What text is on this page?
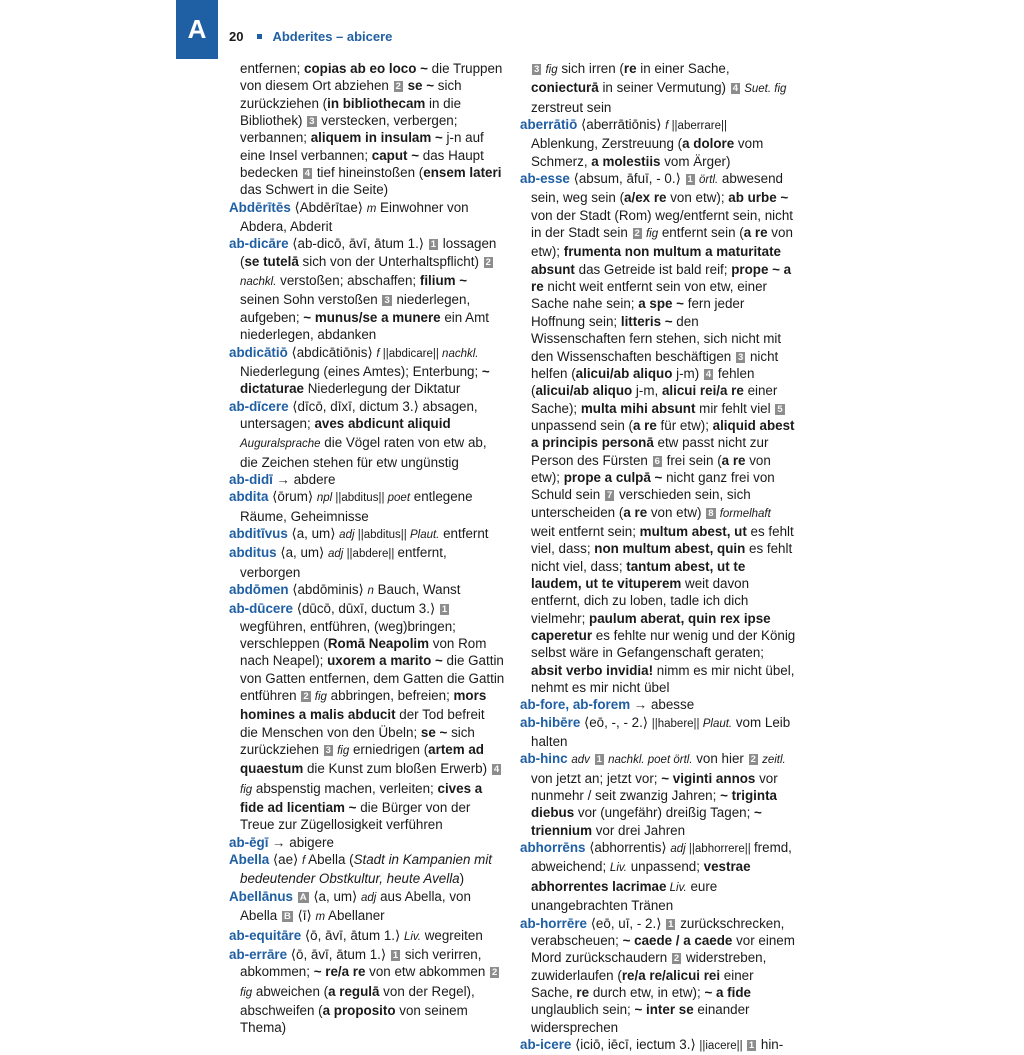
A	20 Abderites – abicere

entfernen; copias ab eo loco ~ die Truppen von diesem Ort abziehen 2 se ~ sich zurückziehen (in bibliothecam in die Bibliothek) 3 verstecken, verbergen; verbannen; aliquem in insulam ~ j-n auf eine Insel verbannen; caput ~ das Haupt bedecken 4 tief hineinstoßen (ensem lateri das Schwert in die Seite)

Abdērītēs ⟨Abdērītae⟩ m Einwohner von Abdera, Abderit

ab-dicāre ⟨ab-dicō, āvī, ātum 1.⟩ 1 lossagen (se tutelā sich von der Unterhaltspflicht) 2 nachkl. verstoßen; abschaffen; filium ~ seinen Sohn verstoßen 3 niederlegen, aufgeben; ~ munus/se a munere ein Amt niederlegen, abdanken

abdicātiō ⟨abdicātiōnis⟩ f ||abdicare|| nachkl. Niederlegung (eines Amtes); Enterbung; ~ dictaturae Niederlegung der Diktatur

ab-dīcere ⟨dīcō, dīxī, dictum 3.⟩ absagen, untersagen; aves abdicunt aliquid Auguralsprache die Vögel raten von etw ab, die Zeichen stehen für etw ungünstig

ab-didī → abdere

abdita ⟨ōrum⟩ npl ||abditus|| poet entlegene Räume, Geheimnisse

abditīvus ⟨a, um⟩ adj ||abditus|| Plaut. entfernt

abditus ⟨a, um⟩ adj ||abdere|| entfernt, verborgen

abdōmen ⟨abdōminis⟩ n Bauch, Wanst

ab-dūcere ⟨dūcō, dūxī, ductum 3.⟩ 1 wegführen, entführen, (weg)bringen; verschleppen (Romā Neapolim von Rom nach Neapel); uxorem a marito ~ die Gattin von Gatten entfernen, dem Gatten die Gattin entführen 2 fig abbringen, befreien; mors homines a malis abducit der Tod befreit die Menschen von den Übeln; se ~ sich zurückziehen 3 fig erniedrigen (artem ad quaestum die Kunst zum bloßen Erwerb) 4 fig abspenstig machen, verleiten; cives a fide ad licentiam ~ die Bürger von der Treue zur Zügellosigkeit verführen

ab-ēgī → abigere

Abella ⟨ae⟩ f Abella (Stadt in Kampanien mit bedeutender Obstkultur, heute Avella)

Abellānus A ⟨a, um⟩ adj aus Abella, von Abella B ⟨ī⟩ m Abellaner

ab-equitāre ⟨ō, āvī, ātum 1.⟩ Liv. wegreiten

ab-errāre ⟨ō, āvī, ātum 1.⟩ 1 sich verirren, abkommen; ~ re/a re von etw abkommen 2 fig abweichen (a regulā von der Regel), abschweifen (a proposito von seinem Thema)

3 fig sich irren (re in einer Sache, coniecturā in seiner Vermutung) 4 Suet. fig zerstreut sein

aberrātiō ⟨aberrātiōnis⟩ f ||aberrare|| Ablenkung, Zerstreuung (a dolore vom Schmerz, a molestiis vom Ärger)

ab-esse ⟨absum, āfuī, - 0.⟩ 1 örtl. abwesend sein, weg sein (a/ex re von etw); ab urbe ~ von der Stadt (Rom) weg/entfernt sein, nicht in der Stadt sein 2 fig entfernt sein (a re von etw); frumenta non multum a maturitate absunt das Getreide ist bald reif; prope ~ a re nicht weit entfernt sein von etw, einer Sache nahe sein; a spe ~ fern jeder Hoffnung sein; litteris ~ den Wissenschaften fern stehen, sich nicht mit den Wissenschaften beschäftigen 3 nicht helfen (alicui/ab aliquo j-m) 4 fehlen (alicui/ab aliquo j-m, alicui rei/a re einer Sache); multa mihi absunt mir fehlt viel 5 unpassend sein (a re für etw); aliquid abest a principis personā etw passt nicht zur Person des Fürsten 6 frei sein (a re von etw); prope a culpā ~ nicht ganz frei von Schuld sein 7 verschieden sein, sich unterscheiden (a re von etw) 8 formelhaft weit entfernt sein; multum abest, ut es fehlt viel, dass; non multum abest, quin es fehlt nicht viel, dass; tantum abest, ut te laudem, ut te vituperem weit davon entfernt, dich zu loben, tadle ich dich vielmehr; paulum aberat, quin rex ipse caperetur es fehlte nur wenig und der König selbst wäre in Gefangenschaft geraten; absit verbo invidia! nimm es mir nicht übel, nehmt es mir nicht übel

ab-fore, ab-forem → abesse

ab-hibēre ⟨eō, -, - 2.⟩ ||habere|| Plaut. vom Leib halten

ab-hinc adv 1 nachkl. poet örtl. von hier 2 zeitl. von jetzt an; jetzt vor; ~ viginti annos vor nunmehr / seit zwanzig Jahren; ~ triginta diebus vor (ungefähr) dreißig Tagen; ~ triennium vor drei Jahren

abhorrēns ⟨abhorrentis⟩ adj ||abhorrere|| fremd, abweichend; Liv. unpassend; vestrae abhorrentes lacrimae Liv. eure unangebrachten Tränen

ab-horrēre ⟨eō, uī, - 2.⟩ 1 zurückschrecken, verabscheuen; ~ caede / a caede vor einem Mord zurückschaudern 2 widerstreben, zuwiderlaufen (re/a re/alicui rei einer Sache, re durch etw, in etw); ~ a fide unglaublich sein; ~ inter se einander widersprechen

ab-icere ⟨iciō, iēcī, iectum 3.⟩ ||iacere|| 1 hin-
